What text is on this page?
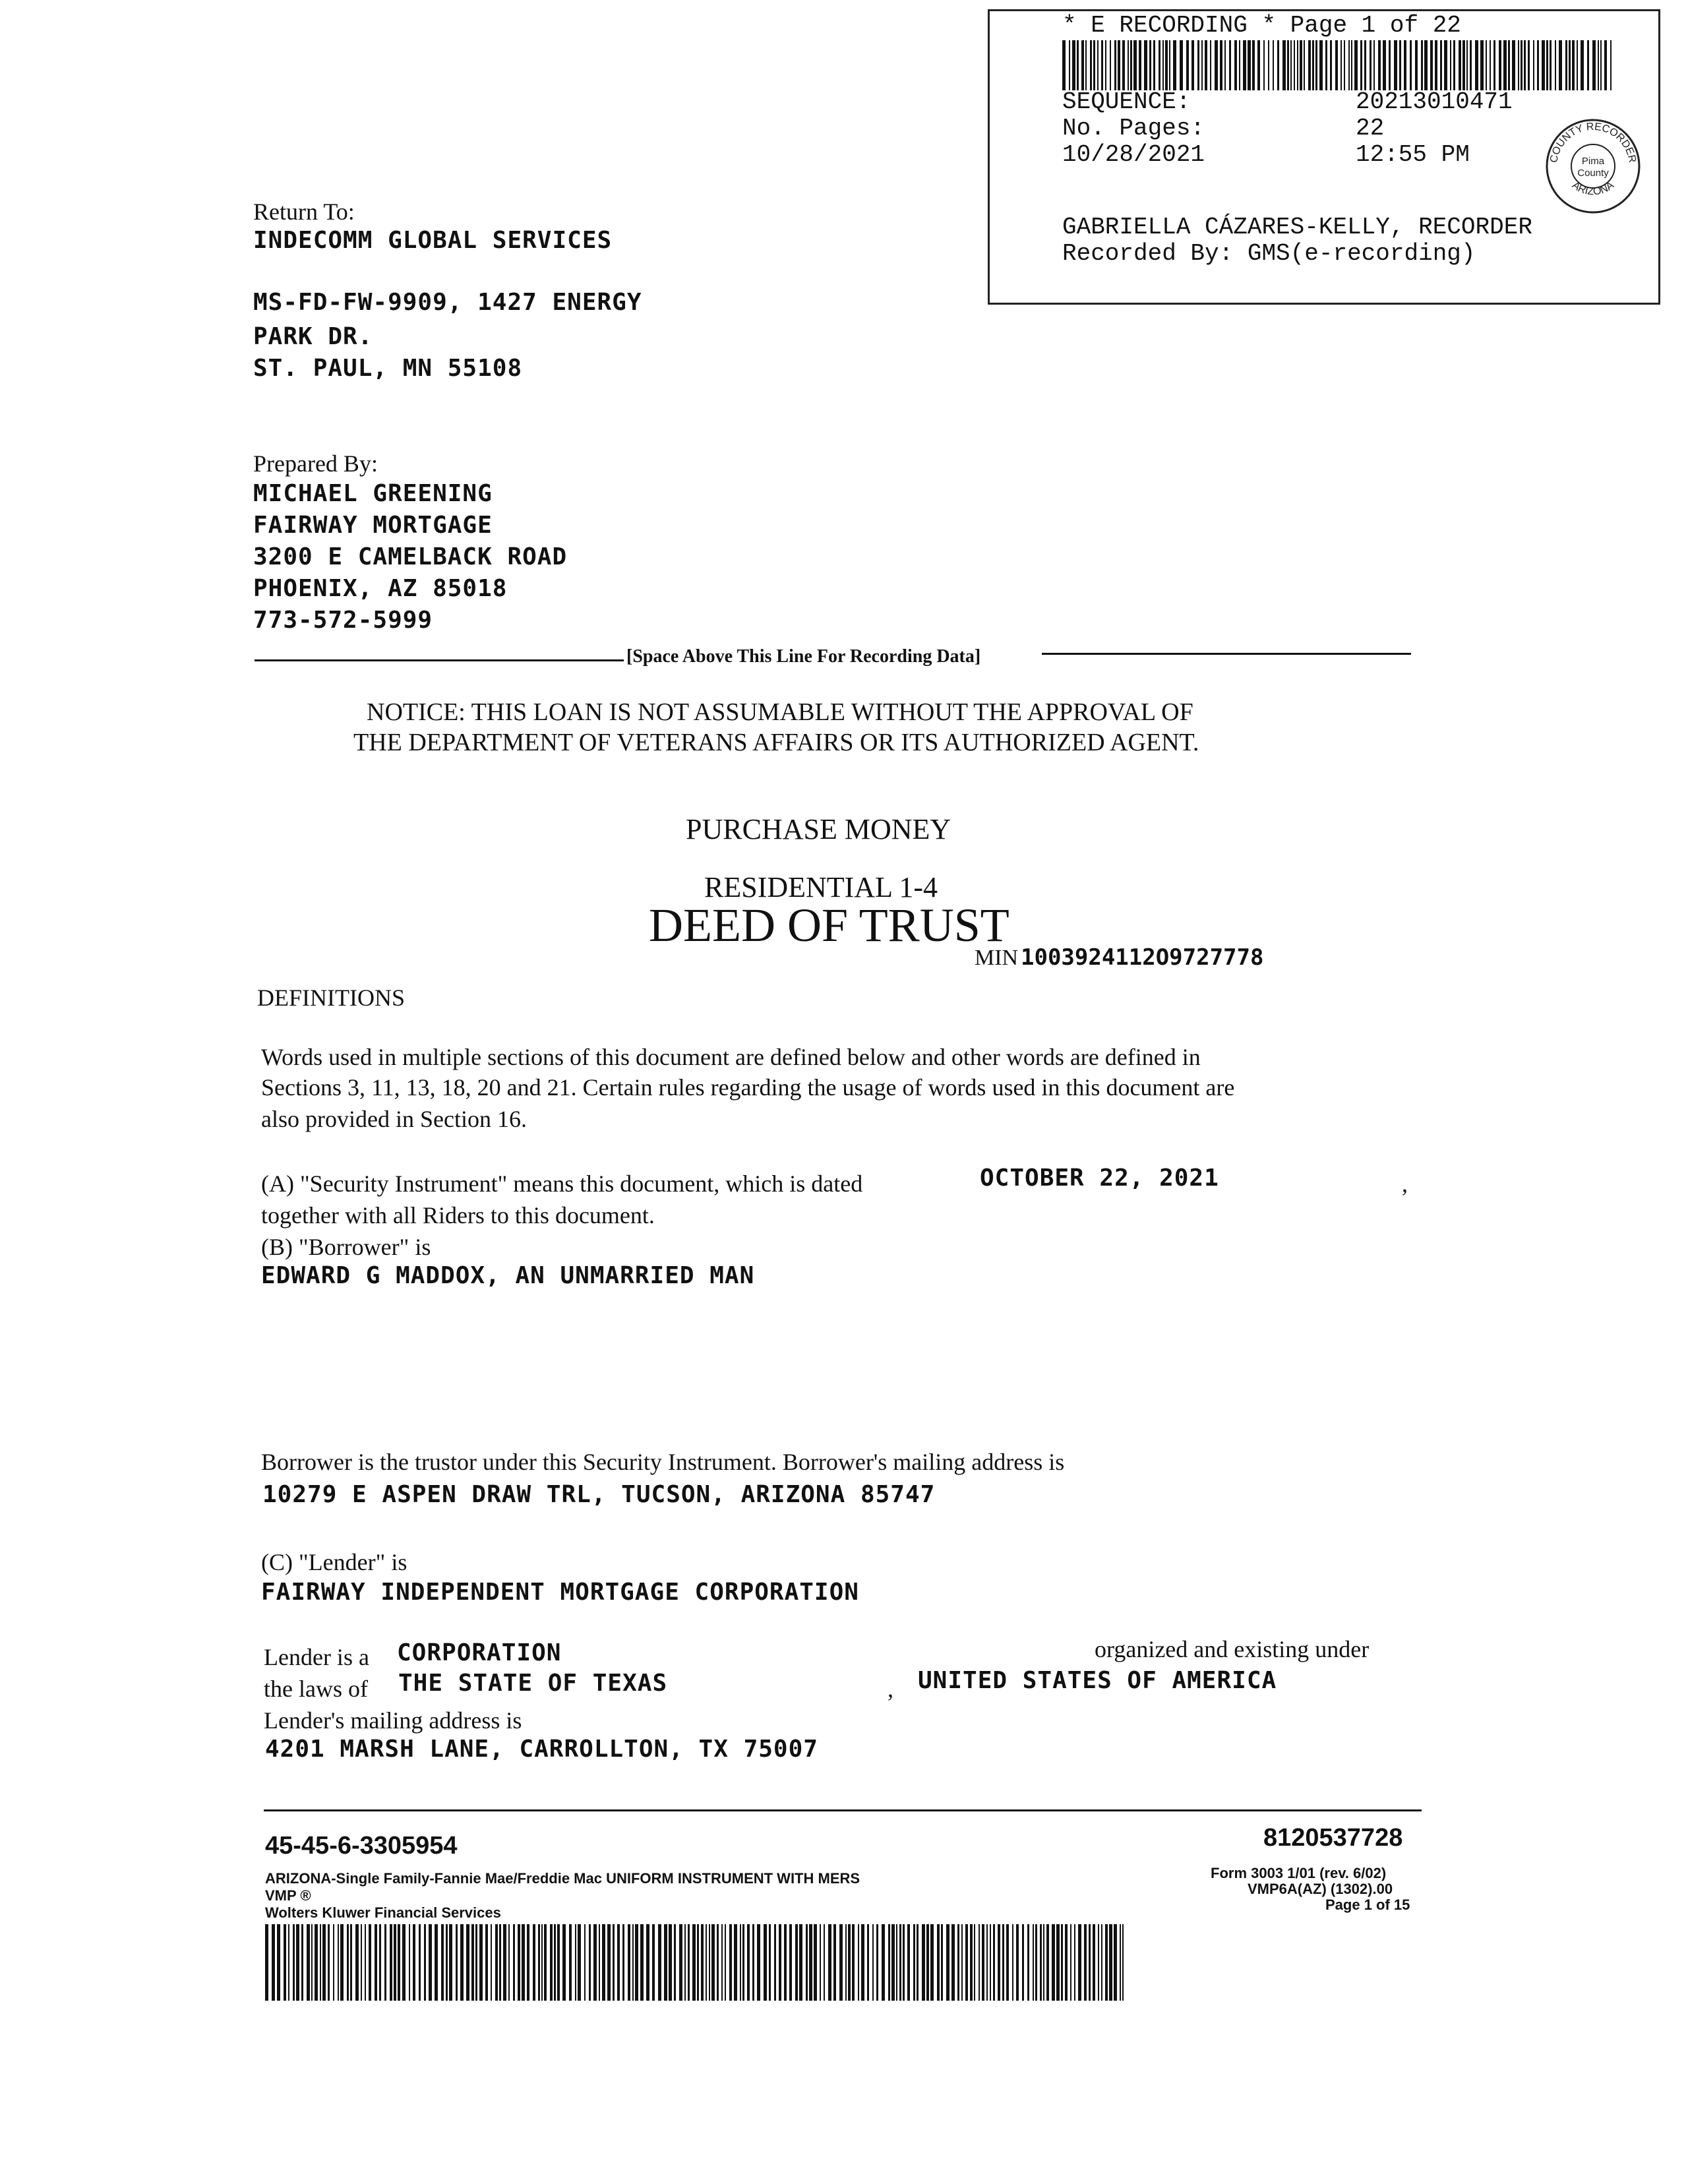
* E RECORDING * Page 1 of 22
SEQUENCE:	20213010471
No. Pages:	22
10/28/2021	12:55 PM	COUNTY RECORDER
ARIZONA
Pima
County
GABRIELLA CÁZARES-KELLY, RECORDER
Recorded By: GMS(e-recording)
Return To:
INDECOMM GLOBAL SERVICES
MS-FD-FW-9909, 1427 ENERGY
PARK DR.
ST. PAUL, MN 55108
Prepared By:
MICHAEL GREENING
FAIRWAY MORTGAGE
3200 E CAMELBACK ROAD
PHOENIX, AZ 85018
773-572-5999
[Space Above This Line For Recording Data]
NOTICE: THIS LOAN IS NOT ASSUMABLE WITHOUT THE APPROVAL OF
THE DEPARTMENT OF VETERANS AFFAIRS OR ITS AUTHORIZED AGENT.
PURCHASE MONEY
RESIDENTIAL 1-4
DEED OF TRUST
MIN 1003924112O9727778
DEFINITIONS
Words used in multiple sections of this document are defined below and other words are defined in
Sections 3, 11, 13, 18, 20 and 21. Certain rules regarding the usage of words used in this document are
also provided in Section 16.
(A) "Security Instrument" means this document, which is dated	OCTOBER 22, 2021	,
together with all Riders to this document.
(B) "Borrower" is
EDWARD G MADDOX, AN UNMARRIED MAN
Borrower is the trustor under this Security Instrument. Borrower's mailing address is
10279 E ASPEN DRAW TRL, TUCSON, ARIZONA 85747
(C) "Lender" is
FAIRWAY INDEPENDENT MORTGAGE CORPORATION
Lender is a CORPORATION	organized and existing under
the laws of THE STATE OF TEXAS	, UNITED STATES OF AMERICA
Lender's mailing address is
4201 MARSH LANE, CARROLLTON, TX 75007
45-45-6-3305954	8120537728
ARIZONA-Single Family-Fannie Mae/Freddie Mac UNIFORM INSTRUMENT WITH MERS
VMP ®
Wolters Kluwer Financial Services
Form 3003 1/01 (rev. 6/02)
VMP6A(AZ) (1302).00
Page 1 of 15
